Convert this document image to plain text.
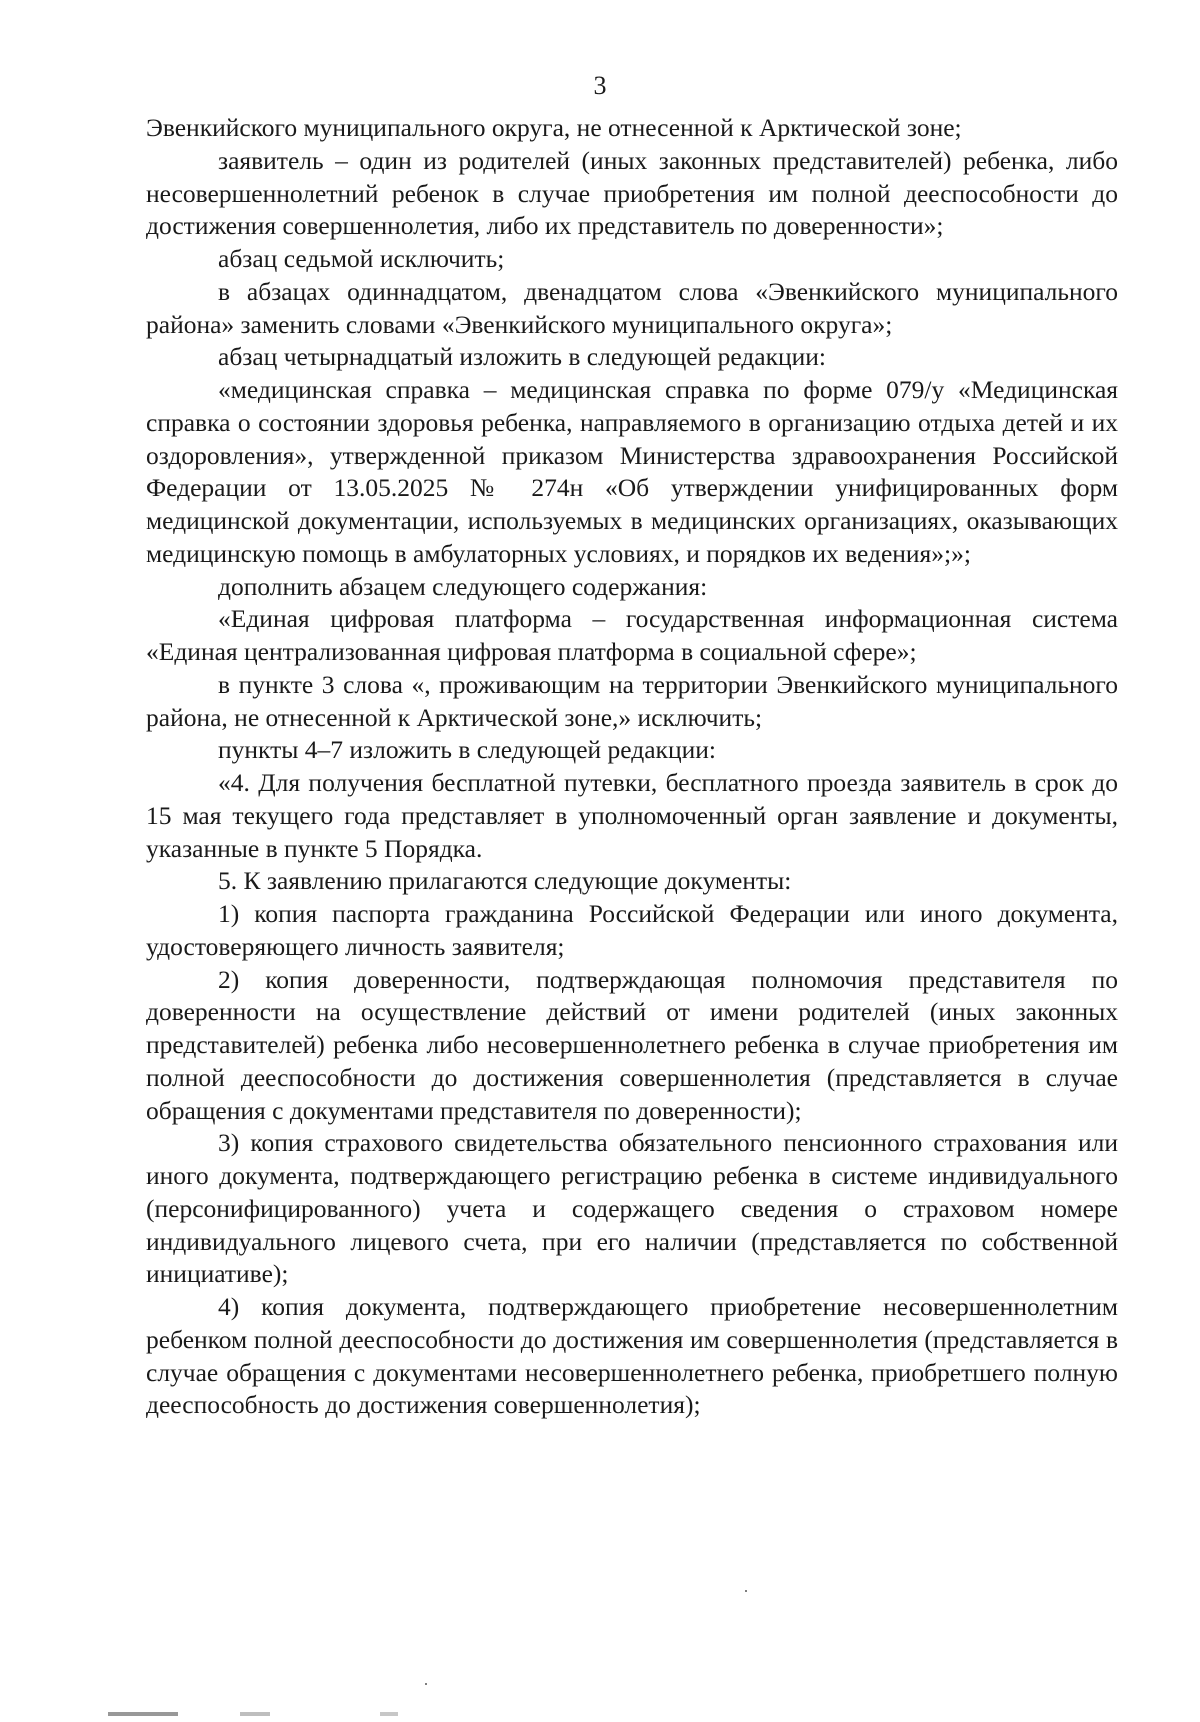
3

Эвенкийского муниципального округа, не отнесенной к Арктической зоне;

заявитель – один из родителей (иных законных представителей) ребенка, либо несовершеннолетний ребенок в случае приобретения им полной дееспособности до достижения совершеннолетия, либо их представитель по доверенности»;

абзац седьмой исключить;

в абзацах одиннадцатом, двенадцатом слова «Эвенкийского муниципального района» заменить словами «Эвенкийского муниципального округа»;

абзац четырнадцатый изложить в следующей редакции:

«медицинская справка – медицинская справка по форме 079/у «Медицинская справка о состоянии здоровья ребенка, направляемого в организацию отдыха детей и их оздоровления», утвержденной приказом Министерства здравоохранения Российской Федерации от 13.05.2025 № 274н «Об утверждении унифицированных форм медицинской документации, используемых в медицинских организациях, оказывающих медицинскую помощь в амбулаторных условиях, и порядков их ведения»;»;

дополнить абзацем следующего содержания:

«Единая цифровая платформа – государственная информационная система «Единая централизованная цифровая платформа в социальной сфере»;

в пункте 3 слова «, проживающим на территории Эвенкийского муниципального района, не отнесенной к Арктической зоне,» исключить;

пункты 4–7 изложить в следующей редакции:

«4. Для получения бесплатной путевки, бесплатного проезда заявитель в срок до 15 мая текущего года представляет в уполномоченный орган заявление и документы, указанные в пункте 5 Порядка.

5. К заявлению прилагаются следующие документы:

1) копия паспорта гражданина Российской Федерации или иного документа, удостоверяющего личность заявителя;

2) копия доверенности, подтверждающая полномочия представителя по доверенности на осуществление действий от имени родителей (иных законных представителей) ребенка либо несовершеннолетнего ребенка в случае приобретения им полной дееспособности до достижения совершеннолетия (представляется в случае обращения с документами представителя по доверенности);

3) копия страхового свидетельства обязательного пенсионного страхования или иного документа, подтверждающего регистрацию ребенка в системе индивидуального (персонифицированного) учета и содержащего сведения о страховом номере индивидуального лицевого счета, при его наличии (представляется по собственной инициативе);

4) копия документа, подтверждающего приобретение несовершеннолетним ребенком полной дееспособности до достижения им совершеннолетия (представляется в случае обращения с документами несовершеннолетнего ребенка, приобретшего полную дееспособность до достижения совершеннолетия);
